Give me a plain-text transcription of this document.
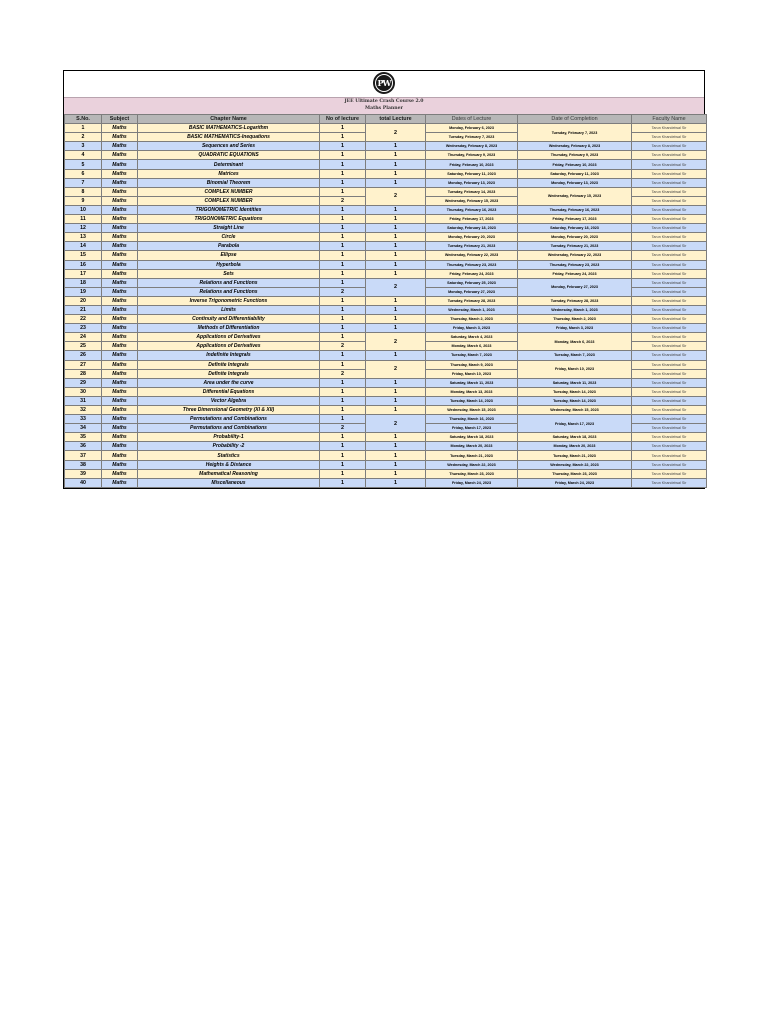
PW
JEE Ultimate Crash Course 2.0
Maths Planner
S.No.	Subject	Chapter Name	No of lecture	total Lecture	Dates of Lecture	Date of Completion	Faculty Name
1	Maths	BASIC MATHEMATICS-Logarithm	1	2	Monday, February 6, 2023	Tuesday, February 7, 2023	Tarun Khandelwal Sir
2	Maths	BASIC MATHEMATICS-Inequations	1		Tuesday, February 7, 2023		Tarun Khandelwal Sir
3	Maths	Sequences and Series	1	1	Wednesday, February 8, 2023	Wednesday, February 8, 2023	Tarun Khandelwal Sir
4	Maths	QUADRATIC EQUATIONS	1	1	Thursday, February 9, 2023	Thursday, February 9, 2023	Tarun Khandelwal Sir
5	Maths	Determinant	1	1	Friday, February 10, 2023	Friday, February 10, 2023	Tarun Khandelwal Sir
6	Maths	Matrices	1	1	Saturday, February 11, 2023	Saturday, February 11, 2023	Tarun Khandelwal Sir
7	Maths	Binomial Theorem	1	1	Monday, February 13, 2023	Monday, February 13, 2023	Tarun Khandelwal Sir
8	Maths	COMPLEX NUMBER	1	2	Tuesday, February 14, 2023	Wednesday, February 15, 2023	Tarun Khandelwal Sir
9	Maths	COMPLEX NUMBER	2		Wednesday, February 15, 2023		Tarun Khandelwal Sir
10	Maths	TRIGONOMETRIC Identities	1	1	Thursday, February 16, 2023	Thursday, February 16, 2023	Tarun Khandelwal Sir
11	Maths	TRIGONOMETRIC Equations	1	1	Friday, February 17, 2023	Friday, February 17, 2023	Tarun Khandelwal Sir
12	Maths	Straight Line	1	1	Saturday, February 18, 2023	Saturday, February 18, 2023	Tarun Khandelwal Sir
13	Maths	Circle	1	1	Monday, February 20, 2023	Monday, February 20, 2023	Tarun Khandelwal Sir
14	Maths	Parabola	1	1	Tuesday, February 21, 2023	Tuesday, February 21, 2023	Tarun Khandelwal Sir
15	Maths	Ellipse	1	1	Wednesday, February 22, 2023	Wednesday, February 22, 2023	Tarun Khandelwal Sir
16	Maths	Hyperbola	1	1	Thursday, February 23, 2023	Thursday, February 23, 2023	Tarun Khandelwal Sir
17	Maths	Sets	1	1	Friday, February 24, 2023	Friday, February 24, 2023	Tarun Khandelwal Sir
18	Maths	Relations and Functions	1	2	Saturday, February 25, 2023	Monday, February 27, 2023	Tarun Khandelwal Sir
19	Maths	Relations and Functions	2		Monday, February 27, 2023		Tarun Khandelwal Sir
20	Maths	Inverse Trigonometric Functions	1	1	Tuesday, February 28, 2023	Tuesday, February 28, 2023	Tarun Khandelwal Sir
21	Maths	Limits	1	1	Wednesday, March 1, 2023	Wednesday, March 1, 2023	Tarun Khandelwal Sir
22	Maths	Continuity and Differentiability	1	1	Thursday, March 2, 2023	Thursday, March 2, 2023	Tarun Khandelwal Sir
23	Maths	Methods of Differentiation	1	1	Friday, March 3, 2023	Friday, March 3, 2023	Tarun Khandelwal Sir
24	Maths	Applications of Derivatives	1	2	Saturday, March 4, 2023	Monday, March 6, 2023	Tarun Khandelwal Sir
25	Maths	Applications of Derivatives	2		Monday, March 6, 2023		Tarun Khandelwal Sir
26	Maths	Indefinite Integrals	1	1	Tuesday, March 7, 2023	Tuesday, March 7, 2023	Tarun Khandelwal Sir
27	Maths	Definite Integrals	1	2	Thursday, March 9, 2023	Friday, March 10, 2023	Tarun Khandelwal Sir
28	Maths	Definite Integrals	2		Friday, March 10, 2023		Tarun Khandelwal Sir
29	Maths	Area under the curve	1	1	Saturday, March 11, 2023	Saturday, March 11, 2023	Tarun Khandelwal Sir
30	Maths	Differential Equations	1	1	Monday, March 13, 2023	Tuesday, March 14, 2023	Tarun Khandelwal Sir
31	Maths	Vector Algebra	1	1	Tuesday, March 14, 2023	Tuesday, March 14, 2023	Tarun Khandelwal Sir
32	Maths	Three Dimensional Geometry (XI & XII)	1	1	Wednesday, March 15, 2023	Wednesday, March 15, 2023	Tarun Khandelwal Sir
33	Maths	Permutations and Combinations	1	2	Thursday, March 16, 2023	Friday, March 17, 2023	Tarun Khandelwal Sir
34	Maths	Permutations and Combinations	2		Friday, March 17, 2023		Tarun Khandelwal Sir
35	Maths	Probability-1	1	1	Saturday, March 18, 2023	Saturday, March 18, 2023	Tarun Khandelwal Sir
36	Maths	Probability -2	1	1	Monday, March 20, 2023	Monday, March 20, 2023	Tarun Khandelwal Sir
37	Maths	Statistics	1	1	Tuesday, March 21, 2023	Tuesday, March 21, 2023	Tarun Khandelwal Sir
38	Maths	Heights & Distance	1	1	Wednesday, March 22, 2023	Wednesday, March 22, 2023	Tarun Khandelwal Sir
39	Maths	Mathematical Reasoning	1	1	Thursday, March 23, 2023	Thursday, March 23, 2023	Tarun Khandelwal Sir
40	Maths	Miscellaneous	1	1	Friday, March 24, 2023	Friday, March 24, 2023	Tarun Khandelwal Sir
